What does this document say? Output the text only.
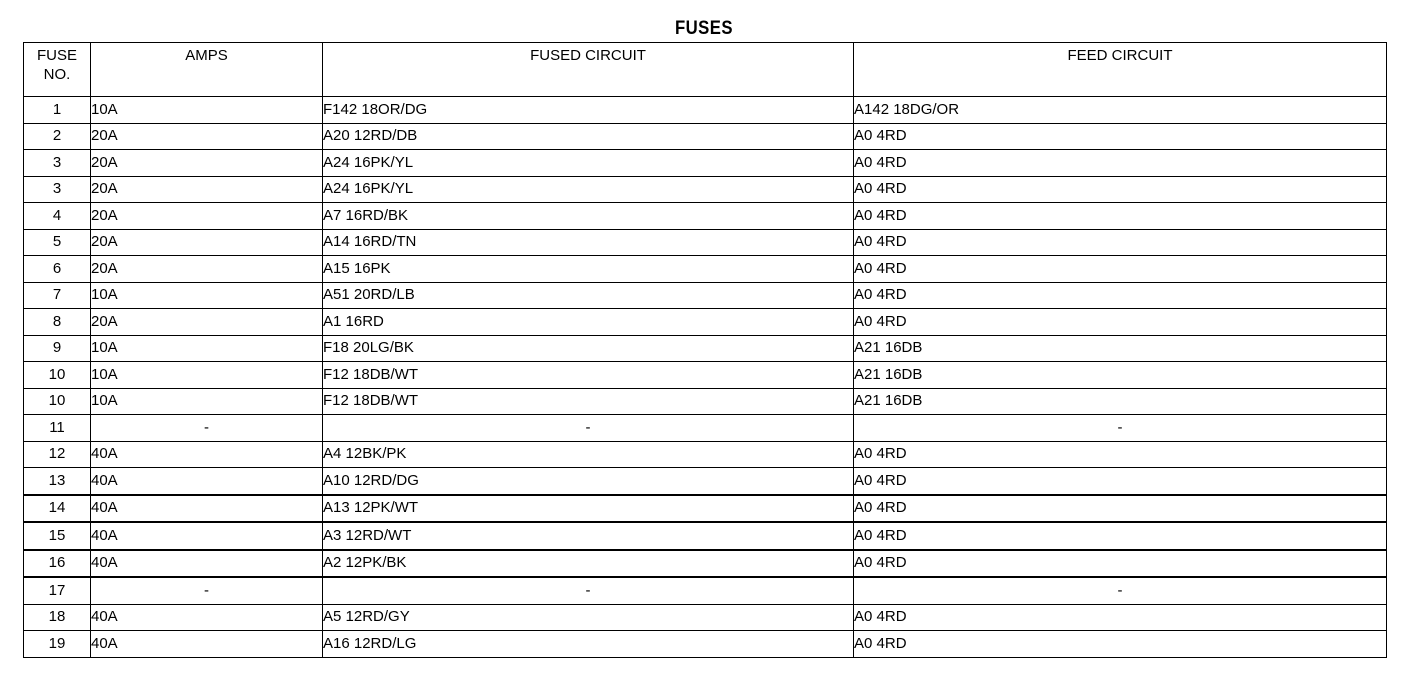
FUSES
FUSE
NO.	AMPS	FUSED CIRCUIT	FEED CIRCUIT
1	10A	F142 18OR/DG	A142 18DG/OR
2	20A	A20 12RD/DB	A0 4RD
3	20A	A24 16PK/YL	A0 4RD
3	20A	A24 16PK/YL	A0 4RD
4	20A	A7 16RD/BK	A0 4RD
5	20A	A14 16RD/TN	A0 4RD
6	20A	A15 16PK	A0 4RD
7	10A	A51 20RD/LB	A0 4RD
8	20A	A1 16RD	A0 4RD
9	10A	F18 20LG/BK	A21 16DB
10	10A	F12 18DB/WT	A21 16DB
10	10A	F12 18DB/WT	A21 16DB
11	-	-	-
12	40A	A4 12BK/PK	A0 4RD
13	40A	A10 12RD/DG	A0 4RD
14	40A	A13 12PK/WT	A0 4RD
15	40A	A3 12RD/WT	A0 4RD
16	40A	A2 12PK/BK	A0 4RD
17	-	-	-
18	40A	A5 12RD/GY	A0 4RD
19	40A	A16 12RD/LG	A0 4RD
